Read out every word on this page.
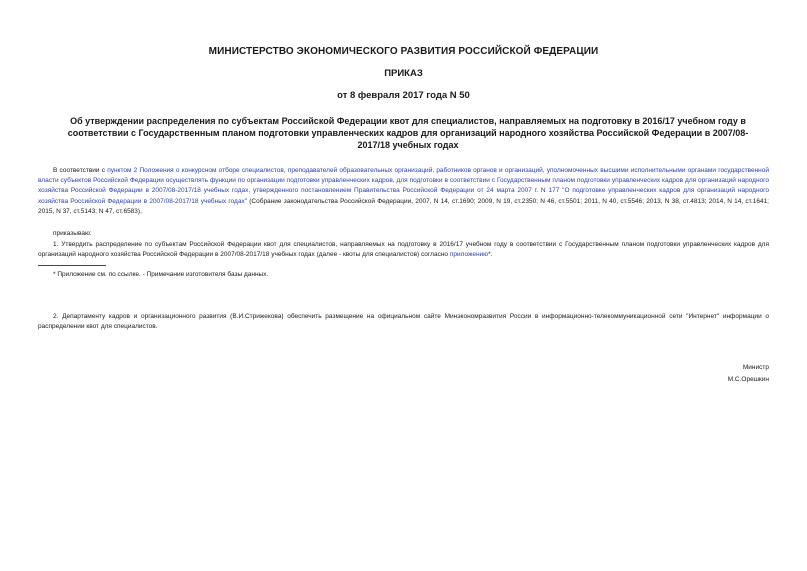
МИНИСТЕРСТВО ЭКОНОМИЧЕСКОГО РАЗВИТИЯ РОССИЙСКОЙ ФЕДЕРАЦИИ
ПРИКАЗ
от 8 февраля 2017 года N 50
Об утверждении распределения по субъектам Российской Федерации квот для специалистов, направляемых на подготовку в 2016/17 учебном году в соответствии с Государственным планом подготовки управленческих кадров для организаций народного хозяйства Российской Федерации в 2007/08-2017/18 учебных годах
В соответствии с пунктом 2 Положения о конкурсном отборе специалистов, преподавателей образовательных организаций, работников органов и организаций, уполномоченных высшими исполнительными органами государственной власти субъектов Российской Федерации осуществлять функции по организации подготовки управленческих кадров, для подготовки в соответствии с Государственным планом подготовки управленческих кадров для организаций народного хозяйства Российской Федерации в 2007/08-2017/18 учебных годах, утвержденного постановлением Правительства Российской Федерации от 24 марта 2007 г. N 177 "О подготовке управленческих кадров для организаций народного хозяйства Российской Федерации в 2007/08-2017/18 учебных годах" (Собрание законодательства Российской Федерации, 2007, N 14, ст.1690; 2009, N 19, ст.2350; N 46, ст.5501; 2011, N 40, ст.5546; 2013, N 38, ст.4813; 2014, N 14, ст.1641; 2015, N 37, ст.5143; N 47, ст.6583),
приказываю:
1. Утвердить распределение по субъектам Российской Федерации квот для специалистов, направляемых на подготовку в 2016/17 учебном году в соответствии с Государственным планом подготовки управленческих кадров для организаций народного хозяйства Российской Федерации в 2007/08-2017/18 учебных годах (далее - квоты для специалистов) согласно приложению*.
* Приложение см. по ссылке. - Примечание изготовителя базы данных.
2. Департаменту кадров и организационного развития (В.И.Стрижекова) обеспечить размещение на официальном сайте Минэкономразвития России в информационно-телекоммуникационной сети "Интернет" информации о распределении квот для специалистов.
Министр
М.С.Орешкин
